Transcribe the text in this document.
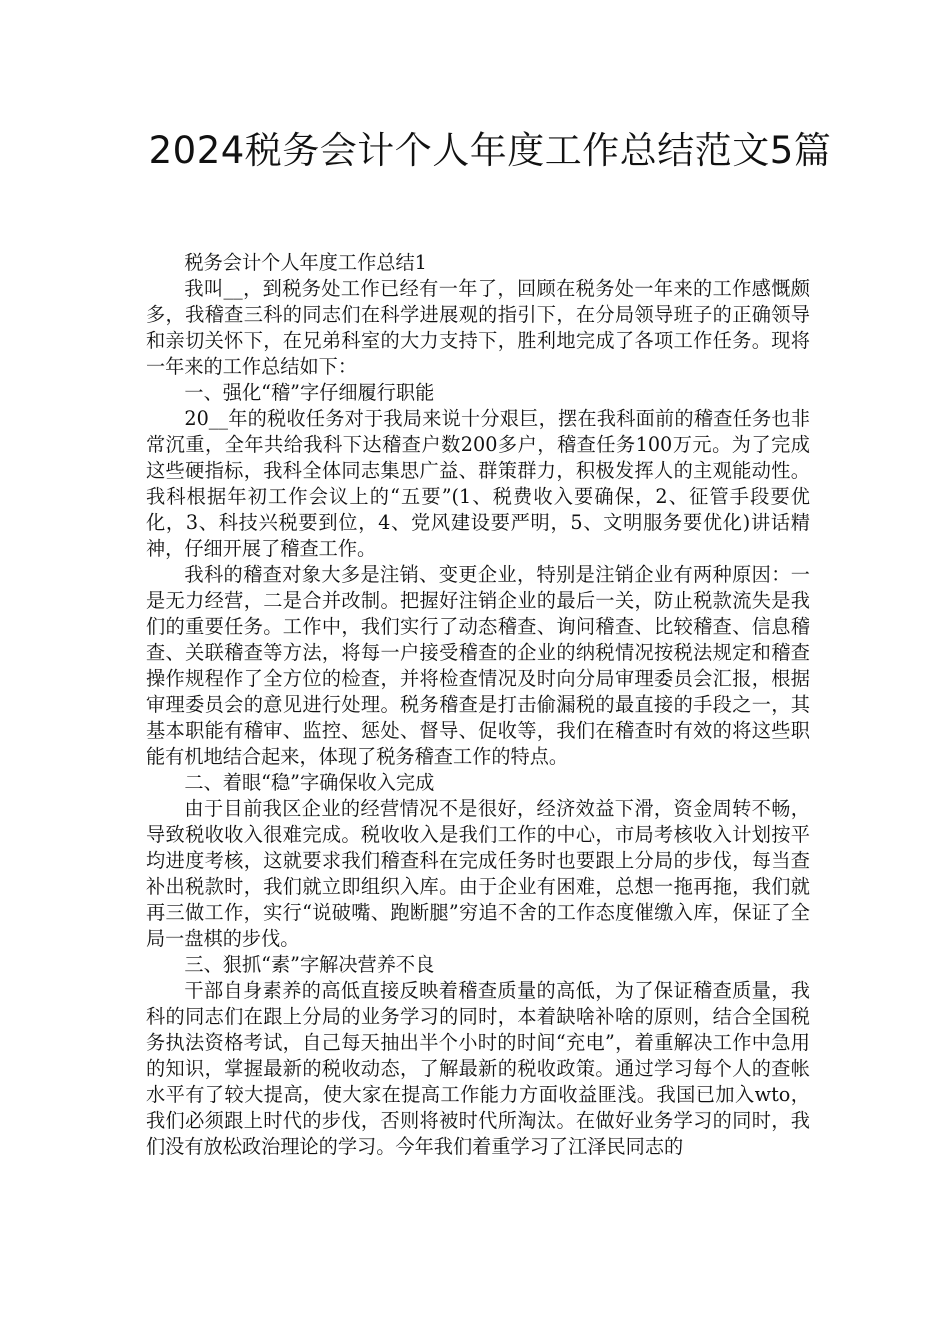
2024税务会计个人年度工作总结范文5篇

税务会计个人年度工作总结1

我叫__，到税务处工作已经有一年了，回顾在税务处一年来的工作感慨颇多，我稽查三科的同志们在科学进展观的指引下，在分局领导班子的正确领导和亲切关怀下，在兄弟科室的大力支持下，胜利地完成了各项工作任务。现将一年来的工作总结如下：

一、强化“稽”字仔细履行职能

20__年的税收任务对于我局来说十分艰巨，摆在我科面前的稽查任务也非常沉重，全年共给我科下达稽查户数200多户，稽查任务100万元。为了完成这些硬指标，我科全体同志集思广益、群策群力，积极发挥人的主观能动性。我科根据年初工作会议上的“五要”(1、税费收入要确保，2、征管手段要优化，3、科技兴税要到位，4、党风建设要严明，5、文明服务要优化)讲话精神，仔细开展了稽查工作。

我科的稽查对象大多是注销、变更企业，特别是注销企业有两种原因：一是无力经营，二是合并改制。把握好注销企业的最后一关，防止税款流失是我们的重要任务。工作中，我们实行了动态稽查、询问稽查、比较稽查、信息稽查、关联稽查等方法，将每一户接受稽查的企业的纳税情况按税法规定和稽查操作规程作了全方位的检查，并将检查情况及时向分局审理委员会汇报，根据审理委员会的意见进行处理。税务稽查是打击偷漏税的最直接的手段之一，其基本职能有稽审、监控、惩处、督导、促收等，我们在稽查时有效的将这些职能有机地结合起来，体现了税务稽查工作的特点。

二、着眼“稳”字确保收入完成

由于目前我区企业的经营情况不是很好，经济效益下滑，资金周转不畅，导致税收收入很难完成。税收收入是我们工作的中心，市局考核收入计划按平均进度考核，这就要求我们稽查科在完成任务时也要跟上分局的步伐，每当查补出税款时，我们就立即组织入库。由于企业有困难，总想一拖再拖，我们就再三做工作，实行“说破嘴、跑断腿”穷追不舍的工作态度催缴入库，保证了全局一盘棋的步伐。

三、狠抓“素”字解决营养不良

干部自身素养的高低直接反映着稽查质量的高低，为了保证稽查质量，我科的同志们在跟上分局的业务学习的同时，本着缺啥补啥的原则，结合全国税务执法资格考试，自己每天抽出半个小时的时间“充电”，着重解决工作中急用的知识，掌握最新的税收动态，了解最新的税收政策。通过学习每个人的查帐水平有了较大提高，使大家在提高工作能力方面收益匪浅。我国已加入wto，我们必须跟上时代的步伐，否则将被时代所淘汰。在做好业务学习的同时，我们没有放松政治理论的学习。今年我们着重学习了江泽民同志的
